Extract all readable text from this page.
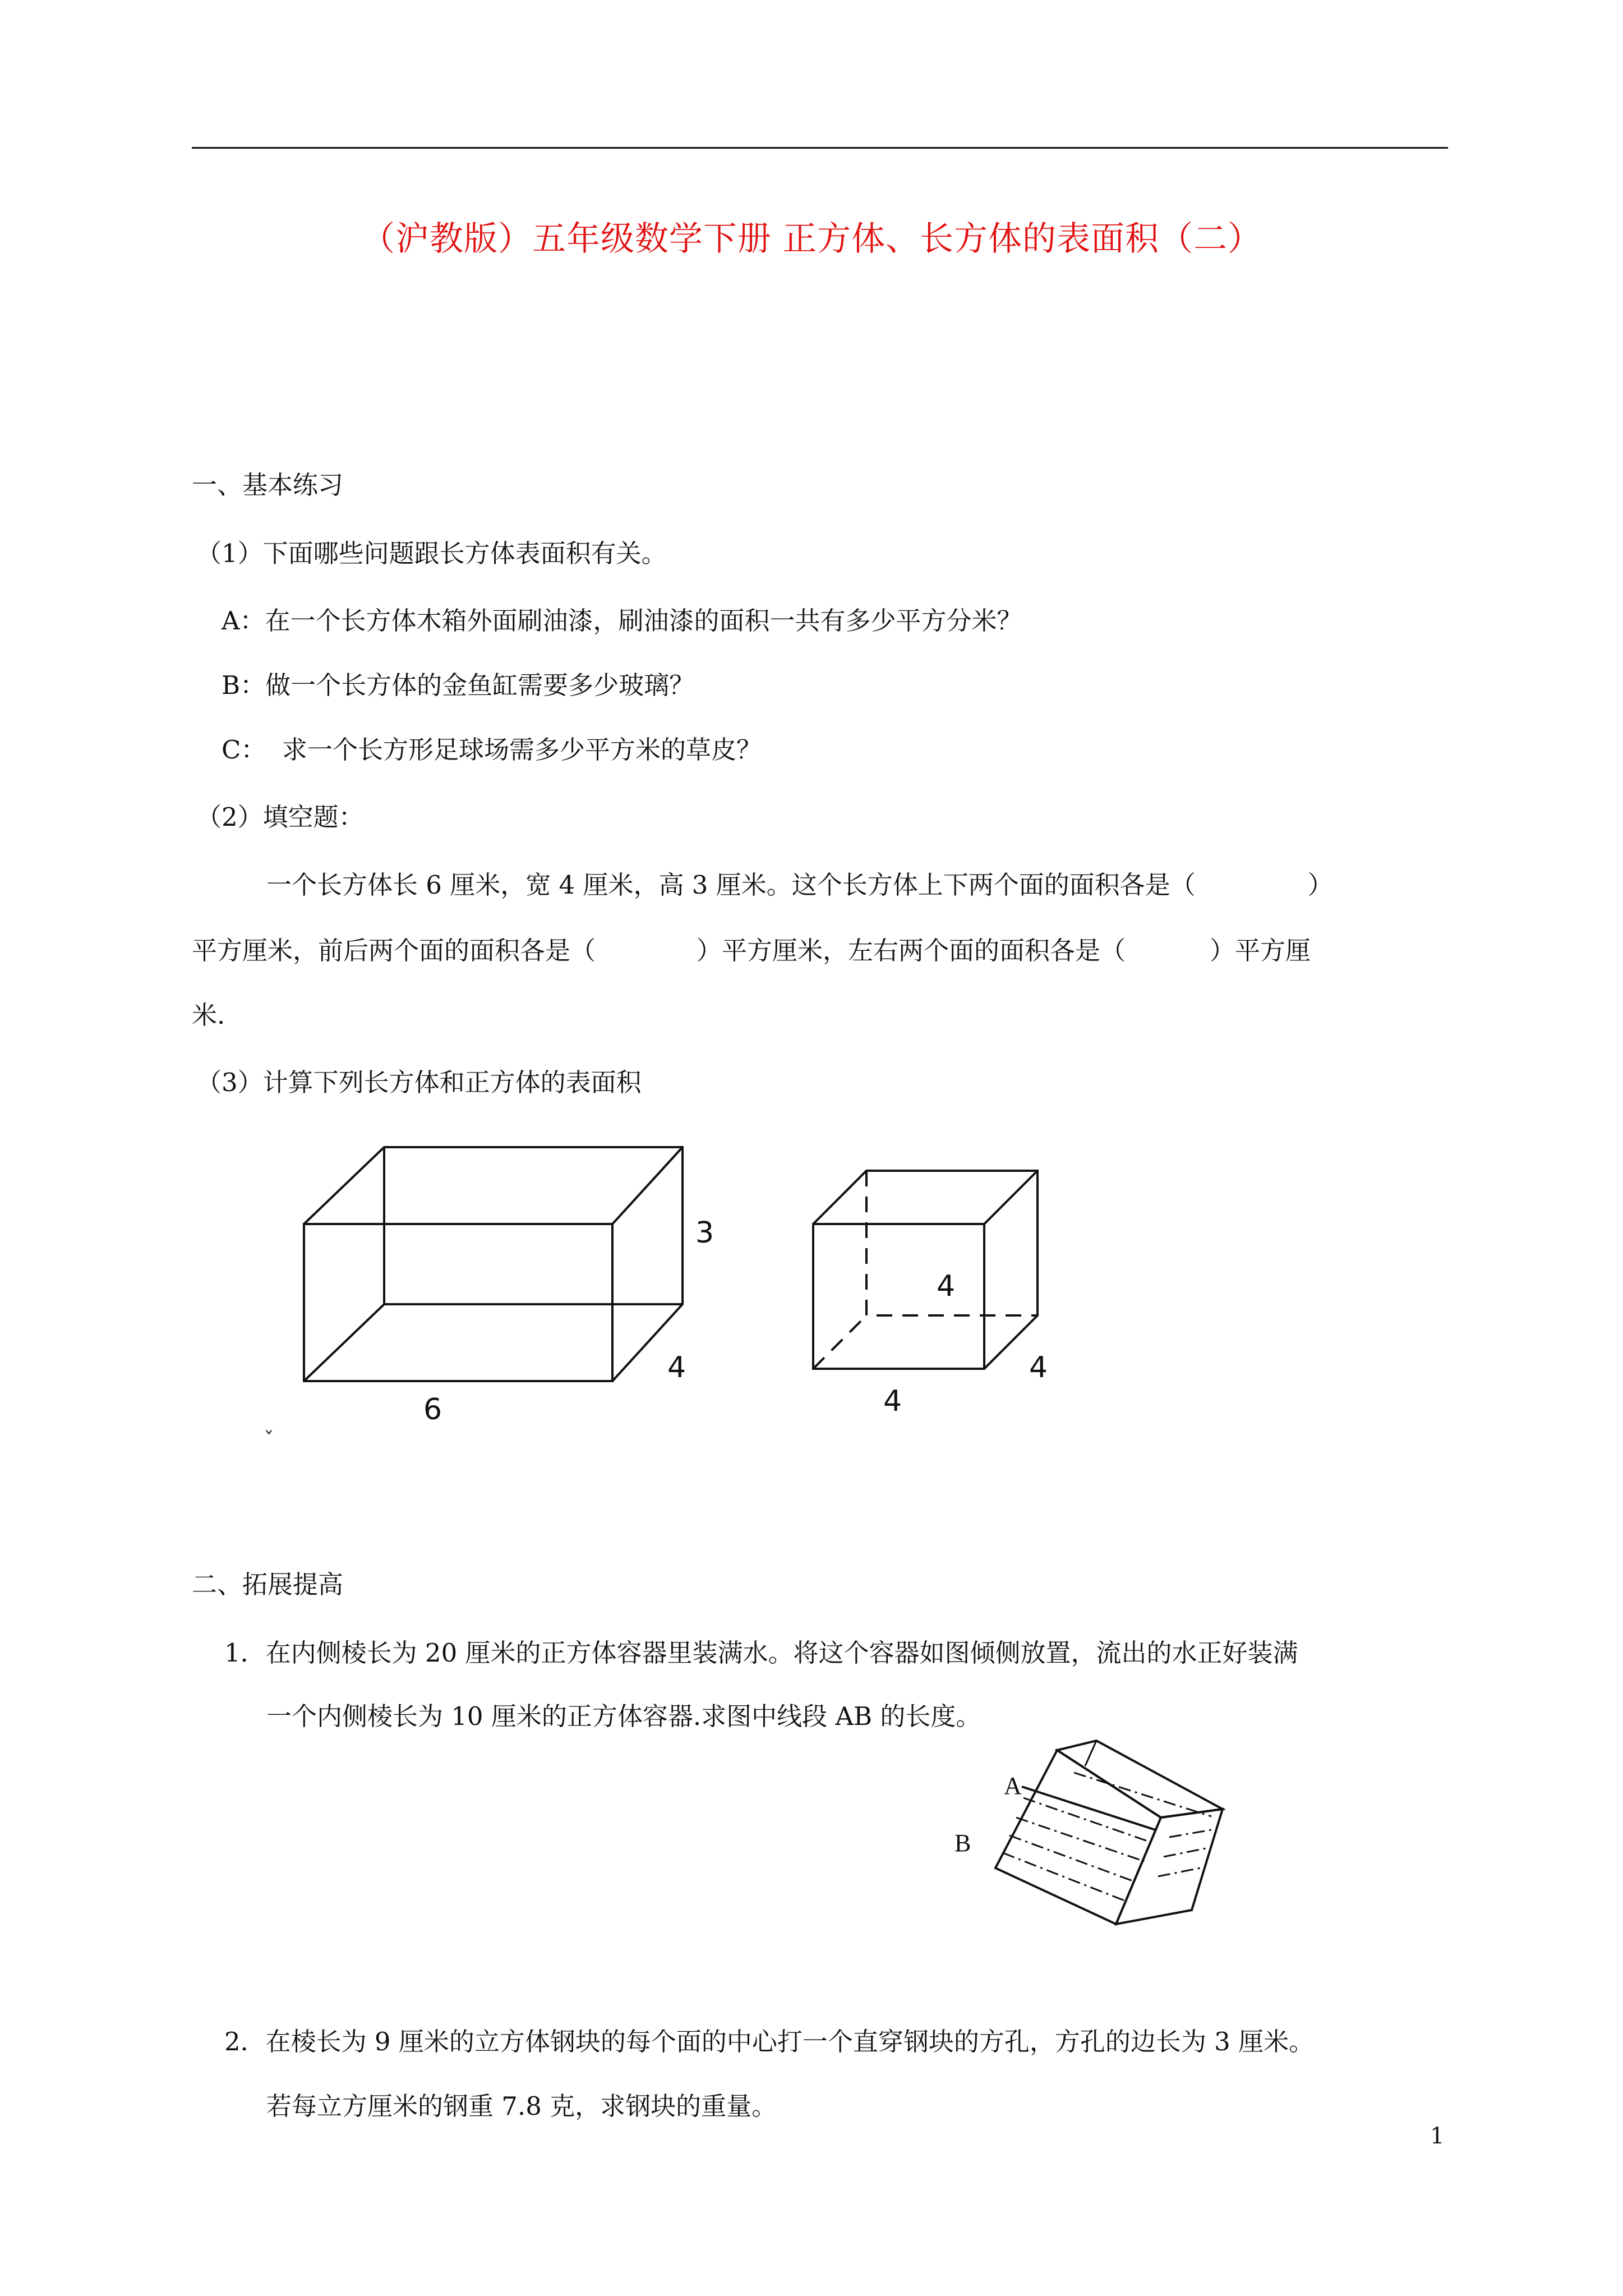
（沪教版）五年级数学下册 正方体、长方体的表面积（二）
一、基本练习
（1）下面哪些问题跟长方体表面积有关。
A：在一个长方体木箱外面刷油漆，刷油漆的面积一共有多少平方分米？
B：做一个长方体的金鱼缸需要多少玻璃？
C：  求一个长方形足球场需多少平方米的草皮？
（2）填空题：
一个长方体长 6 厘米，宽 4 厘米，高 3 厘米。这个长方体上下两个面的面积各是（	）
平方厘米，前后两个面的面积各是（	）平方厘米，左右两个面的面积各是（	）平方厘
米.
（3）计算下列长方体和正方体的表面积
3
4
6
ˇ
4
4
4
A
B
二、拓展提高
1．在内侧棱长为 20 厘米的正方体容器里装满水。将这个容器如图倾侧放置，流出的水正好装满
一个内侧棱长为 10 厘米的正方体容器.求图中线段 AB 的长度。
2．在棱长为 9 厘米的立方体钢块的每个面的中心打一个直穿钢块的方孔，方孔的边长为 3 厘米。
若每立方厘米的钢重 7.8 克，求钢块的重量。
1
